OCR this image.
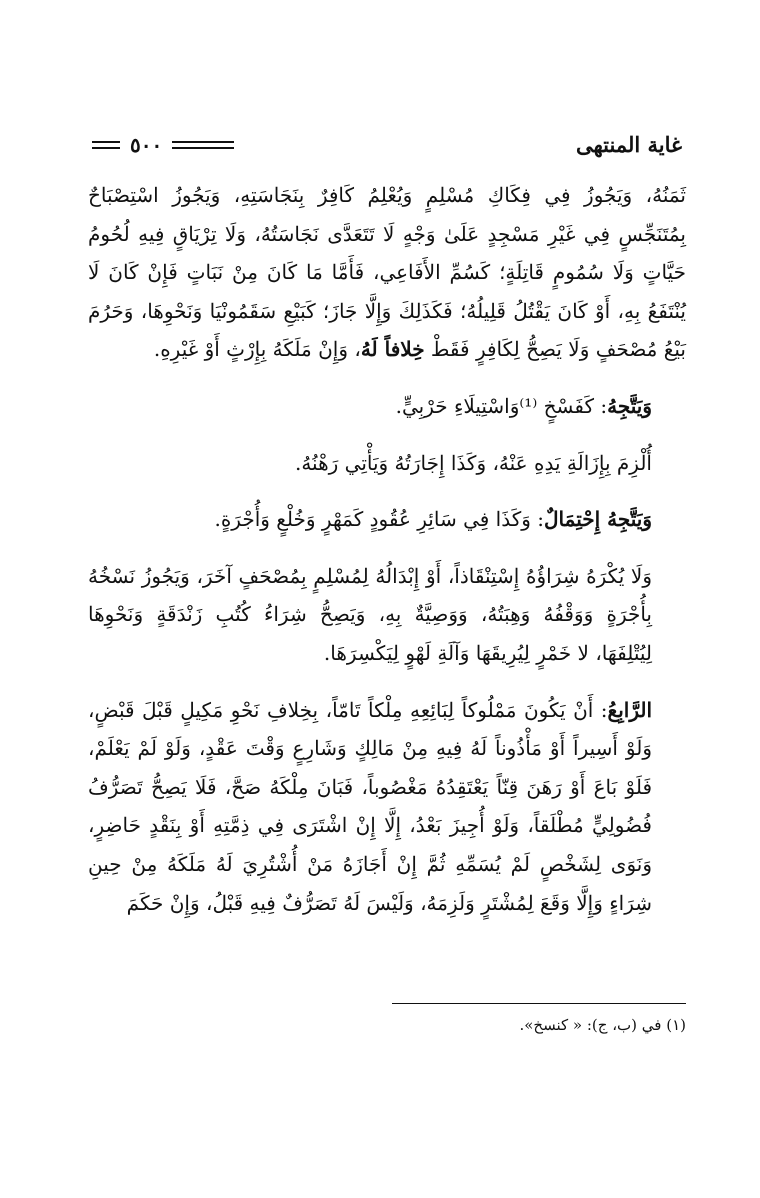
غاية المنتهى
٥٠٠

ثَمَنُهُ، وَيَجُوزُ فِي فِكَاكِ مُسْلِمٍ وَيُعْلِمُ كَافِرٌ بِنَجَاسَتِهِ، وَيَجُوزُ اسْتِصْبَاحٌ بِمُتَنَجِّسٍ فِي غَيْرِ مَسْجِدٍ عَلَىٰ وَجْهٍ لَا تَتَعَدَّى نَجَاسَتُهُ، وَلَا تِرْيَاقٍ فِيهِ لُحُومُ حَيَّاتٍ وَلَا سُمُومٍ قَاتِلَةٍ؛ كَسُمِّ الأَفَاعِي، فَأَمَّا مَا كَانَ مِنْ نَبَاتٍ فَإِنْ كَانَ لَا يُنْتَفَعُ بِهِ، أَوْ كَانَ يَقْتُلُ قَلِيلُهُ؛ فَكَذَلِكَ وَإِلَّا جَازَ؛ كَبَيْعِ سَقَمُونْيَا وَنَحْوِهَا، وَحَرُمَ بَيْعُ مُصْحَفٍ وَلَا يَصِحُّ لِكَافِرٍ فَقَطْ خِلافاً لَهُ، وَإِنْ مَلَكَهُ بِإِرْثٍ أَوْ غَيْرِهِ.

وَيَتَّجِهُ: كَفَسْخٍ ⁽¹⁾وَاسْتِيلَاءِ حَرْبِيٍّ.

أُلْزِمَ بِإِزَالَةِ يَدِهِ عَنْهُ، وَكَذَا إِجَارَتُهُ وَيَأْتِي رَهْنُهُ.

وَيَتَّجِهُ إِحْتِمَالٌ: وَكَذَا فِي سَائِرِ عُقُودٍ كَمَهْرٍ وَخُلْعٍ وَأُجْرَةٍ.

وَلَا يُكْرَهُ شِرَاؤُهُ إِسْتِنْقَاذاً، أَوْ إِبْدَالُهُ لِمُسْلِمٍ بِمُصْحَفٍ آخَرَ، وَيَجُوزُ نَسْخُهُ بِأُجْرَةٍ وَوَقْفُهُ وَهِبَتُهُ، وَوَصِيَّةٌ بِهِ، وَيَصِحُّ شِرَاءُ كُتُبِ زَنْدَقَةٍ وَنَحْوِهَا لِيُتْلِفَهَا، لا خَمْرٍ لِيُرِيقَهَا وَآلَةِ لَهْوٍ لِيَكْسِرَهَا.

الرَّابِعُ: أَنْ يَكُونَ مَمْلُوكاً لِبَائِعِهِ مِلْكاً تَامّاً، بِخِلافِ نَحْوِ مَكِيلٍ قَبْلَ قَبْضٍ، وَلَوْ أَسِيراً أَوْ مَأْذُوناً لَهُ فِيهِ مِنْ مَالِكٍ وَشَارِعٍ وَقْتَ عَقْدٍ، وَلَوْ لَمْ يَعْلَمْ، فَلَوْ بَاعَ أَوْ رَهَنَ قِنّاً يَعْتَقِدُهُ مَغْصُوباً، فَبَانَ مِلْكَهُ صَحَّ، فَلَا يَصِحُّ تَصَرُّفُ فُضُولِيٍّ مُطْلَقاً، وَلَوْ أُجِيزَ بَعْدُ، إِلَّا إِنْ اشْتَرَى فِي ذِمَّتِهِ أَوْ بِنَقْدٍ حَاضِرٍ، وَنَوَى لِشَخْصٍ لَمْ يُسَمِّهِ ثُمَّ إِنْ أَجَازَهُ مَنْ أُشْتُرِيَ لَهُ مَلَكَهُ مِنْ حِينِ شِرَاءٍ وَإِلَّا وَقَعَ لِمُشْتَرٍ وَلَزِمَهُ، وَلَيْسَ لَهُ تَصَرُّفٌ فِيهِ قَبْلُ، وَإِنْ حَكَمَ

(١) في (ب، ج): « كنسخ».
